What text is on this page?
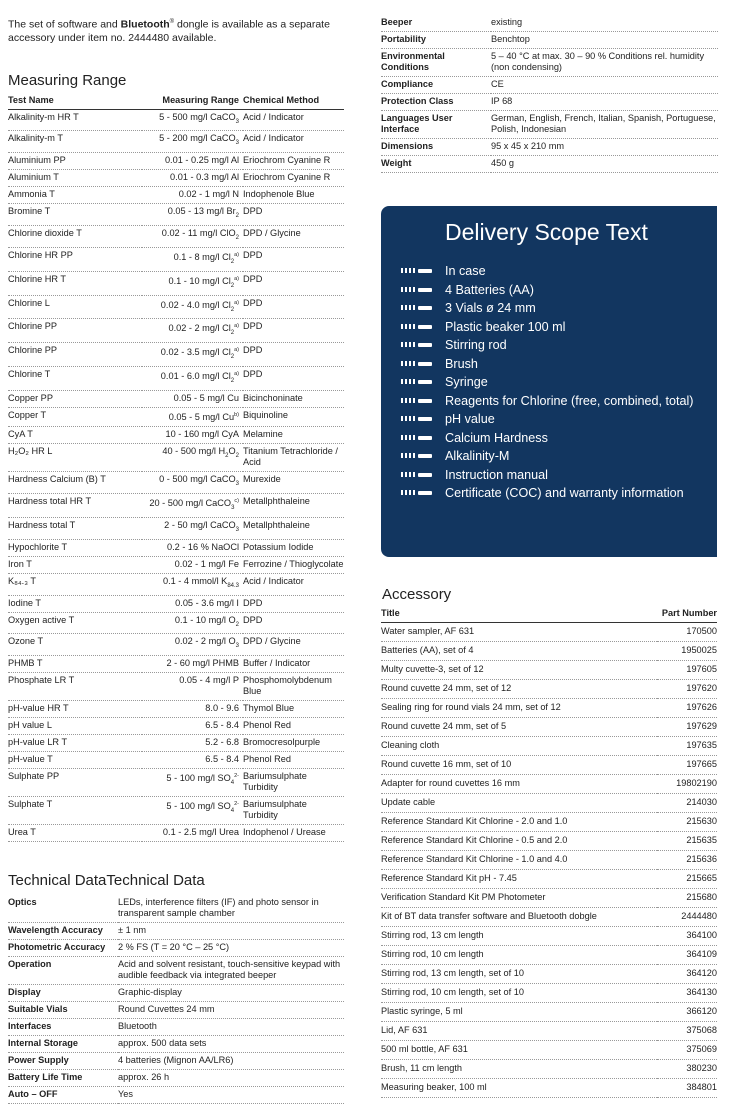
The set of software and Bluetooth® dongle is available as a separate accessory under item no. 2444480 available.
Measuring Range
Test Name	Measuring Range	Chemical Method
Alkalinity-m HR T	5 - 500 mg/l CaCO$_3$	Acid / Indicator
Alkalinity-m T	5 - 200 mg/l CaCO$_3$	Acid / Indicator
Aluminium PP	0.01 - 0.25 mg/l Al	Eriochrom Cyanine R
Aluminium T	0.01 - 0.3 mg/l Al	Eriochrom Cyanine R
Ammonia T	0.02 - 1 mg/l N	Indophenole Blue
Bromine T	0.05 - 13 mg/l $Br_2$	DPD
Chlorine dioxide T	0.02 - 11 mg/l ClO$_2$	DPD / Glycine
Chlorine HR PP	0.1 - 8 mg/l $Cl_2^{a)}$	DPD
Chlorine HR T	0.1 - 10 mg/l $Cl_2^{a)}$	DPD
Chlorine L	0.02 - 4.0 mg/l $Cl_2^{a)}$	DPD
Chlorine PP	0.02 - 2 mg/l $Cl_2^{a)}$	DPD
Chlorine PP	0.02 - 3.5 mg/l $Cl_2^{a)}$	DPD
Chlorine T	0.01 - 6.0 mg/l $Cl_2^{a)}$	DPD
Copper PP	0.05 - 5 mg/l Cu	Bicinchoninate
Copper T	0.05 - 5 mg/l Cu$^{b)}$	Biquinoline
CyA T	10 - 160 mg/l CyA	Melamine
H₂O₂ HR L	40 - 500 mg/l $H_2O_2$	Titanium Tetrachloride / Acid
Hardness Calcium (B) T	0 - 500 mg/l CaCO$_3$	Murexide
Hardness total HR T	20 - 500 mg/l CaCO$_3^{c)}$	Metallphthaleine
Hardness total T	2 - 50 mg/l CaCO$_3$	Metallphthaleine
Hypochlorite T	0.2 - 16 % NaOCl	Potassium Iodide
Iron T	0.02 - 1 mg/l Fe	Ferrozine / Thioglycolate
K₈₄.₃ T	0.1 - 4 mmol/l $K_{84.3}$	Acid / Indicator
Iodine T	0.05 - 3.6 mg/l I	DPD
Oxygen active T	0.1 - 10 mg/l $O_2$	DPD
Ozone T	0.02 - 2 mg/l $O_3$	DPD / Glycine
PHMB T	2 - 60 mg/l PHMB	Buffer / Indicator
Phosphate LR T	0.05 - 4 mg/l P	Phosphomolybdenum Blue
pH-value HR T	8.0 - 9.6	Thymol Blue
pH value L	6.5 - 8.4	Phenol Red
pH-value LR T	5.2 - 6.8	Bromocresolpurple
pH-value T	6.5 - 8.4	Phenol Red
Sulphate PP	5 - 100 mg/l $SO_4^{2-}$	Bariumsulphate Turbidity
Sulphate T	5 - 100 mg/l $SO_4^{2-}$	Bariumsulphate Turbidity
Urea T	0.1 - 2.5 mg/l Urea	Indophenol / Urease
Technical DataTechnical Data
Optics	LEDs, interference filters (IF) and photo sensor in transparent sample chamber
Wavelength Accuracy	± 1 nm
Photometric Accuracy	2 % FS (T = 20 °C – 25 °C)
Operation	Acid and solvent resistant, touch-sensitive keypad with audible feedback via integrated beeper
Display	Graphic-display
Suitable Vials	Round Cuvettes 24 mm
Interfaces	Bluetooth
Internal Storage	approx. 500 data sets
Power Supply	4 batteries (Mignon AA/LR6)
Battery Life Time	approx. 26 h
Auto – OFF	Yes
Beeper	existing
Portability	Benchtop
Environmental Conditions	5 – 40 °C at max. 30 – 90 % Conditions rel. humidity (non condensing)
Compliance	CE
Protection Class	IP 68
Languages User Interface	German, English, French, Italian, Spanish, Portuguese, Polish, Indonesian
Dimensions	95 x 45 x 210 mm
Weight	450 g
Accessory
Title	Part Number
Water sampler, AF 631	170500
Batteries (AA), set of 4	1950025
Multy cuvette-3, set of 12	197605
Round cuvette 24 mm, set of 12	197620
Sealing ring for round vials 24 mm, set of 12	197626
Round cuvette 24 mm, set of 5	197629
Cleaning cloth	197635
Round cuvette 16 mm, set of 10	197665
Adapter for round cuvettes 16 mm	19802190
Update cable	214030
Reference Standard Kit Chlorine - 2.0 and 1.0	215630
Reference Standard Kit Chlorine - 0.5 and 2.0	215635
Reference Standard Kit Chlorine - 1.0 and 4.0	215636
Reference Standard Kit pH - 7.45	215665
Verification Standard Kit PM Photometer	215680
Kit of BT data transfer software and Bluetooth dobgle	2444480
Stirring rod, 13 cm length	364100
Stirring rod, 10 cm length	364109
Stirring rod, 13 cm length, set of 10	364120
Stirring rod, 10 cm length, set of 10	364130
Plastic syringe, 5 ml	366120
Lid, AF 631	375068
500 ml bottle, AF 631	375069
Brush, 11 cm length	380230
Measuring beaker, 100 ml	384801
Delivery Scope Text
In case
4 Batteries (AA)
3 Vials ø 24 mm
Plastic beaker 100 ml
Stirring rod
Brush
Syringe
Reagents for Chlorine (free, combined, total)
pH value
Calcium Hardness
Alkalinity-M
Instruction manual
Certificate (COC) and warranty information
